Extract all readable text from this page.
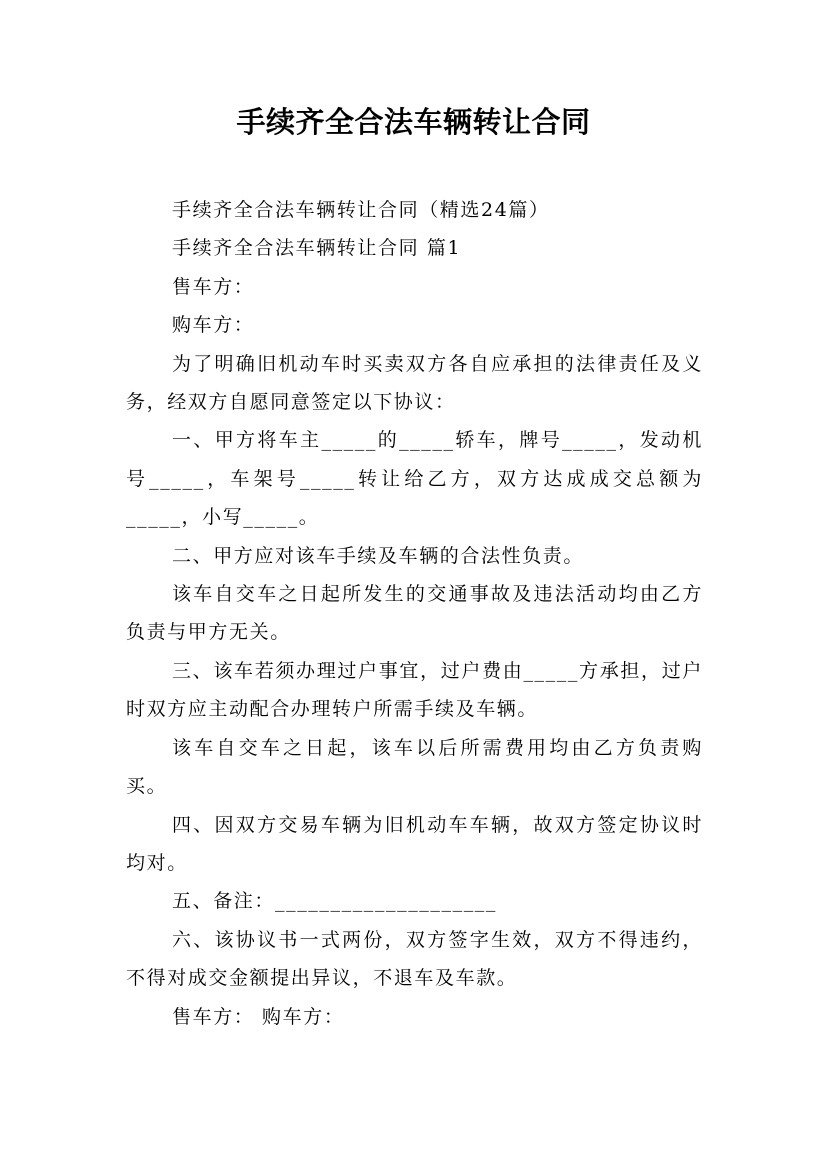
手续齐全合法车辆转让合同

手续齐全合法车辆转让合同（精选24篇）

手续齐全合法车辆转让合同 篇1

售车方：

购车方：

为了明确旧机动车时买卖双方各自应承担的法律责任及义务，经双方自愿同意签定以下协议：

一、甲方将车主_____的_____轿车，牌号_____，发动机号_____，车架号_____转让给乙方，双方达成成交总额为_____，小写_____。

二、甲方应对该车手续及车辆的合法性负责。

该车自交车之日起所发生的交通事故及违法活动均由乙方负责与甲方无关。

三、该车若须办理过户事宜，过户费由_____方承担，过户时双方应主动配合办理转户所需手续及车辆。

该车自交车之日起，该车以后所需费用均由乙方负责购买。

四、因双方交易车辆为旧机动车车辆，故双方签定协议时均对。

五、备注：____________________

六、该协议书一式两份，双方签字生效，双方不得违约，不得对成交金额提出异议，不退车及车款。

售车方： 购车方：
